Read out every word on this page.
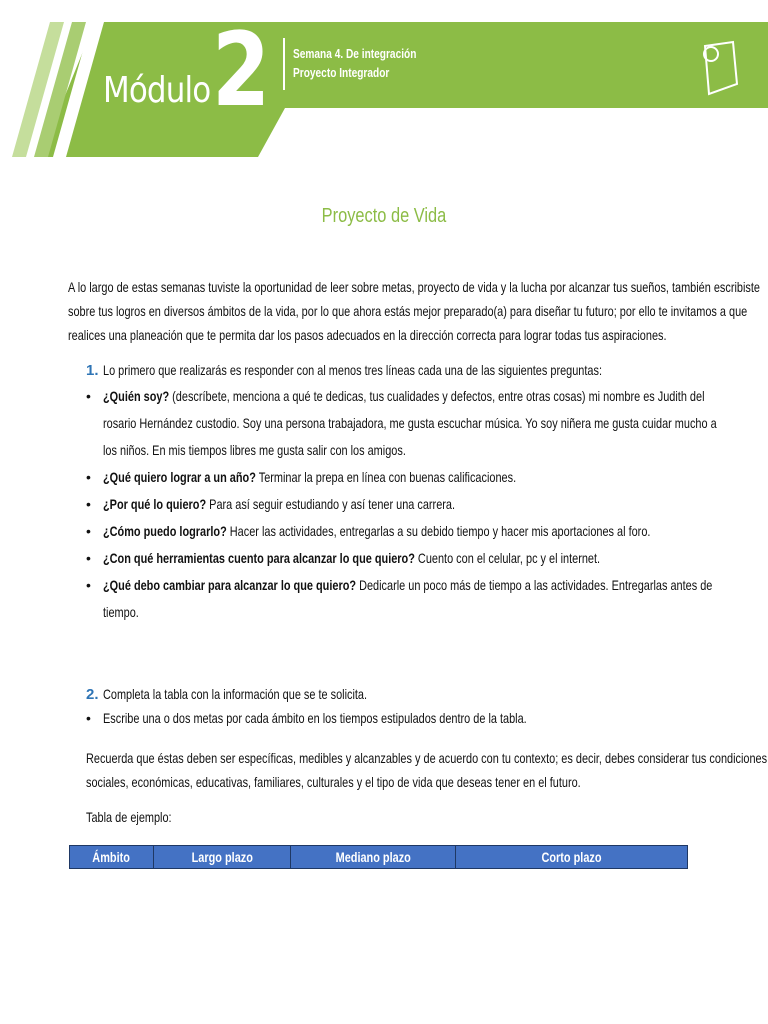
Módulo 2 Semana 4. De integración
Proyecto Integrador
Proyecto de Vida
A lo largo de estas semanas tuviste la oportunidad de leer sobre metas, proyecto de vida y la lucha por alcanzar tus sueños, también escribiste
sobre tus logros en diversos ámbitos de la vida, por lo que ahora estás mejor preparado(a) para diseñar tu futuro; por ello te invitamos a que
realices una planeación que te permita dar los pasos adecuados en la dirección correcta para lograr todas tus aspiraciones.
1. Lo primero que realizarás es responder con al menos tres líneas cada una de las siguientes preguntas:
• ¿Quién soy? (descríbete, menciona a qué te dedicas, tus cualidades y defectos, entre otras cosas) mi nombre es Judith del
rosario Hernández custodio. Soy una persona trabajadora, me gusta escuchar música. Yo soy niñera me gusta cuidar mucho a
los niños. En mis tiempos libres me gusta salir con los amigos.
• ¿Qué quiero lograr a un año? Terminar la prepa en línea con buenas calificaciones.
• ¿Por qué lo quiero? Para así seguir estudiando y así tener una carrera.
• ¿Cómo puedo lograrlo? Hacer las actividades, entregarlas a su debido tiempo y hacer mis aportaciones al foro.
• ¿Con qué herramientas cuento para alcanzar lo que quiero? Cuento con el celular, pc y el internet.
• ¿Qué debo cambiar para alcanzar lo que quiero? Dedicarle un poco más de tiempo a las actividades. Entregarlas antes de
tiempo.
2. Completa la tabla con la información que se te solicita.
• Escribe una o dos metas por cada ámbito en los tiempos estipulados dentro de la tabla.
Recuerda que éstas deben ser específicas, medibles y alcanzables y de acuerdo con tu contexto; es decir, debes considerar tus condiciones
sociales, económicas, educativas, familiares, culturales y el tipo de vida que deseas tener en el futuro.
Tabla de ejemplo:
Ámbito	Largo plazo	Mediano plazo	Corto plazo
